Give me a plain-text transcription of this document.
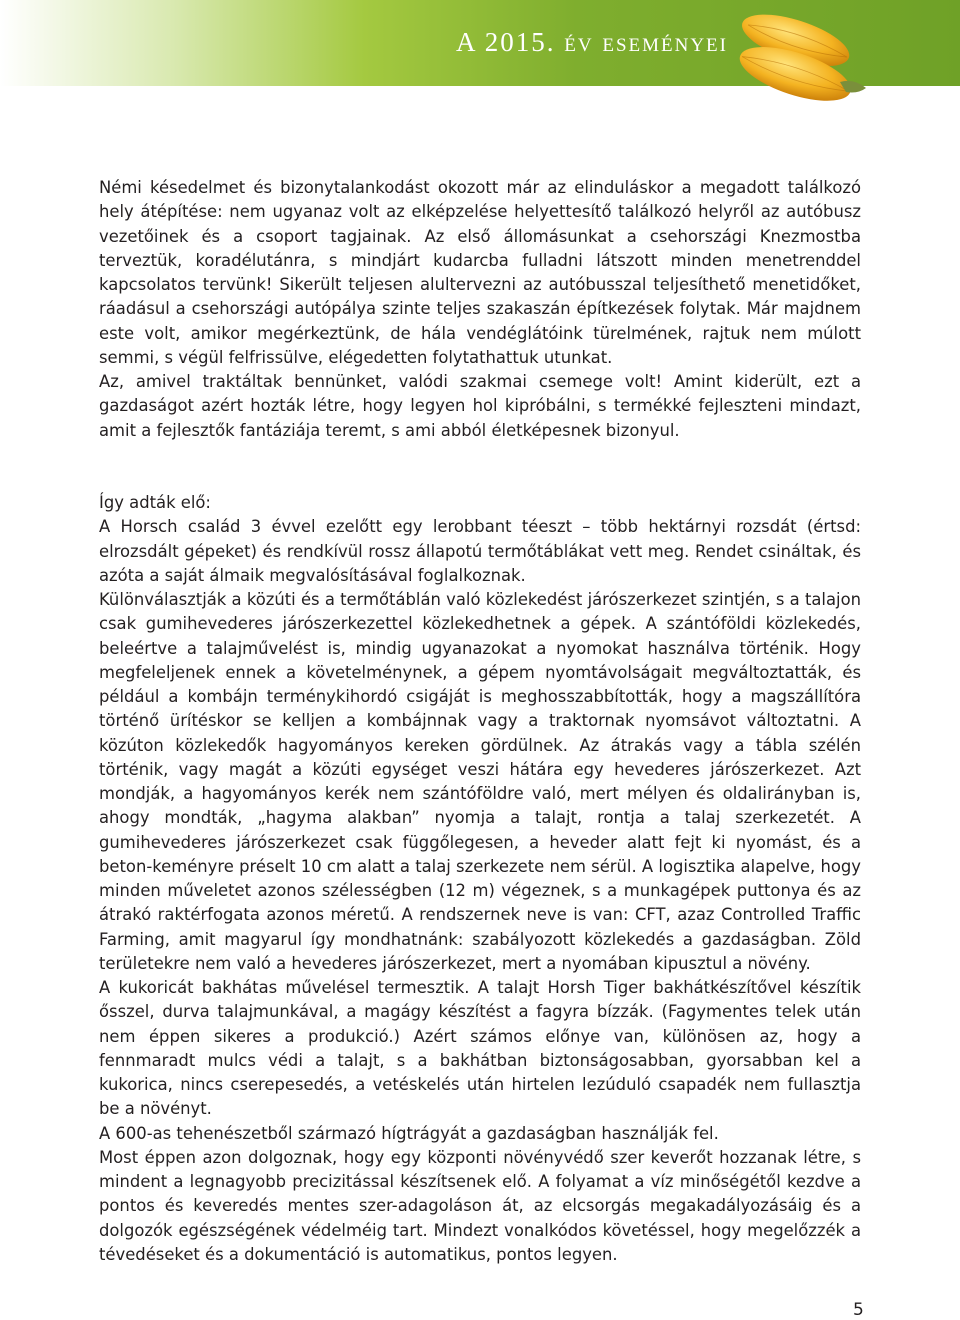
A 2015. év eseményei

Némi késedelmet és bizonytalankodást okozott már az elinduláskor a megadott találkozó hely átépítése: nem ugyanaz volt az elképzelése helyettesítő találkozó helyről az autóbusz vezetőinek és a csoport tagjainak. Az első állomásunkat a csehországi Knezmostba terveztük, koradélutánra, s mindjárt kudarcba fulladni látszott minden menetrenddel kapcsolatos tervünk! Sikerült teljesen alultervezni az autóbusszal teljesíthető menetidőket, ráadásul a csehországi autópálya szinte teljes szakaszán építkezések folytak. Már majdnem este volt, amikor megérkeztünk, de hála vendéglátóink türelmének, rajtuk nem múlott semmi, s végül felfrissülve, elégedetten folytathattuk utunkat.
Az, amivel traktáltak bennünket, valódi szakmai csemege volt! Amint kiderült, ezt a gazdaságot azért hozták létre, hogy legyen hol kipróbálni, s termékké fejleszteni mindazt, amit a fejlesztők fantáziája teremt, s ami abból életképesnek bizonyul.

Így adták elő:
A Horsch család 3 évvel ezelőtt egy lerobbant téeszt – több hektárnyi rozsdát (értsd: elrozsdált gépeket) és rendkívül rossz állapotú termőtáblákat vett meg. Rendet csináltak, és azóta a saját álmaik megvalósításával foglalkoznak.
Különválasztják a közúti és a termőtáblán való közlekedést járószerkezet szintjén, s a talajon csak gumihevederes járószerkezettel közlekedhetnek a gépek. A szántóföldi közlekedés, beleértve a talajművelést is, mindig ugyanazokat a nyomokat használva történik. Hogy megfeleljenek ennek a követelménynek, a gépem nyomtávolságait megváltoztatták, és például a kombájn terménykihordó csigáját is meghosszabbították, hogy a magszállítóra történő ürítéskor se kelljen a kombájnnak vagy a traktornak nyomsávot változtatni. A közúton közlekedők hagyományos kereken gördülnek. Az átrakás vagy a tábla szélén történik, vagy magát a közúti egységet veszi hátára egy hevederes járószerkezet. Azt mondják, a hagyományos kerék nem szántóföldre való, mert mélyen és oldalirányban is, ahogy mondták, „hagyma alakban” nyomja a talajt, rontja a talaj szerkezetét. A gumihevederes járószerkezet csak függőlegesen, a heveder alatt fejt ki nyomást, és a beton-keményre préselt 10 cm alatt a talaj szerkezete nem sérül. A logisztika alapelve, hogy minden műveletet azonos szélességben (12 m) végeznek, s a munkagépek puttonya és az átrakó raktérfogata azonos méretű. A rendszernek neve is van: CFT, azaz Controlled Traffic Farming, amit magyarul így mondhatnánk: szabályozott közlekedés a gazdaságban. Zöld területekre nem való a hevederes járószerkezet, mert a nyomában kipusztul a növény.
A kukoricát bakhátas művelésel termesztik. A talajt Horsh Tiger bakhátkészítővel készítik ősszel, durva talajmunkával, a magágy készítést a fagyra bízzák. (Fagymentes telek után nem éppen sikeres a produkció.) Azért számos előnye van, különösen az, hogy a fennmaradt mulcs védi a talajt, s a bakhátban biztonságosabban, gyorsabban kel a kukorica, nincs cserepesedés, a vetéskelés után hirtelen lezúduló csapadék nem fullasztja be a növényt.
A 600-as tehenészetből származó hígtrágyát a gazdaságban használják fel.
Most éppen azon dolgoznak, hogy egy központi növényvédő szer keverőt hozzanak létre, s mindent a legnagyobb precizitással készítsenek elő. A folyamat a víz minőségétől kezdve a pontos és keveredés mentes szer-adagoláson át, az elcsorgás megakadályozásáig és a dolgozók egészségének védelméig tart. Mindezt vonalkódos követéssel, hogy megelőzzék a tévedéseket és a dokumentáció is automatikus, pontos legyen.

5
